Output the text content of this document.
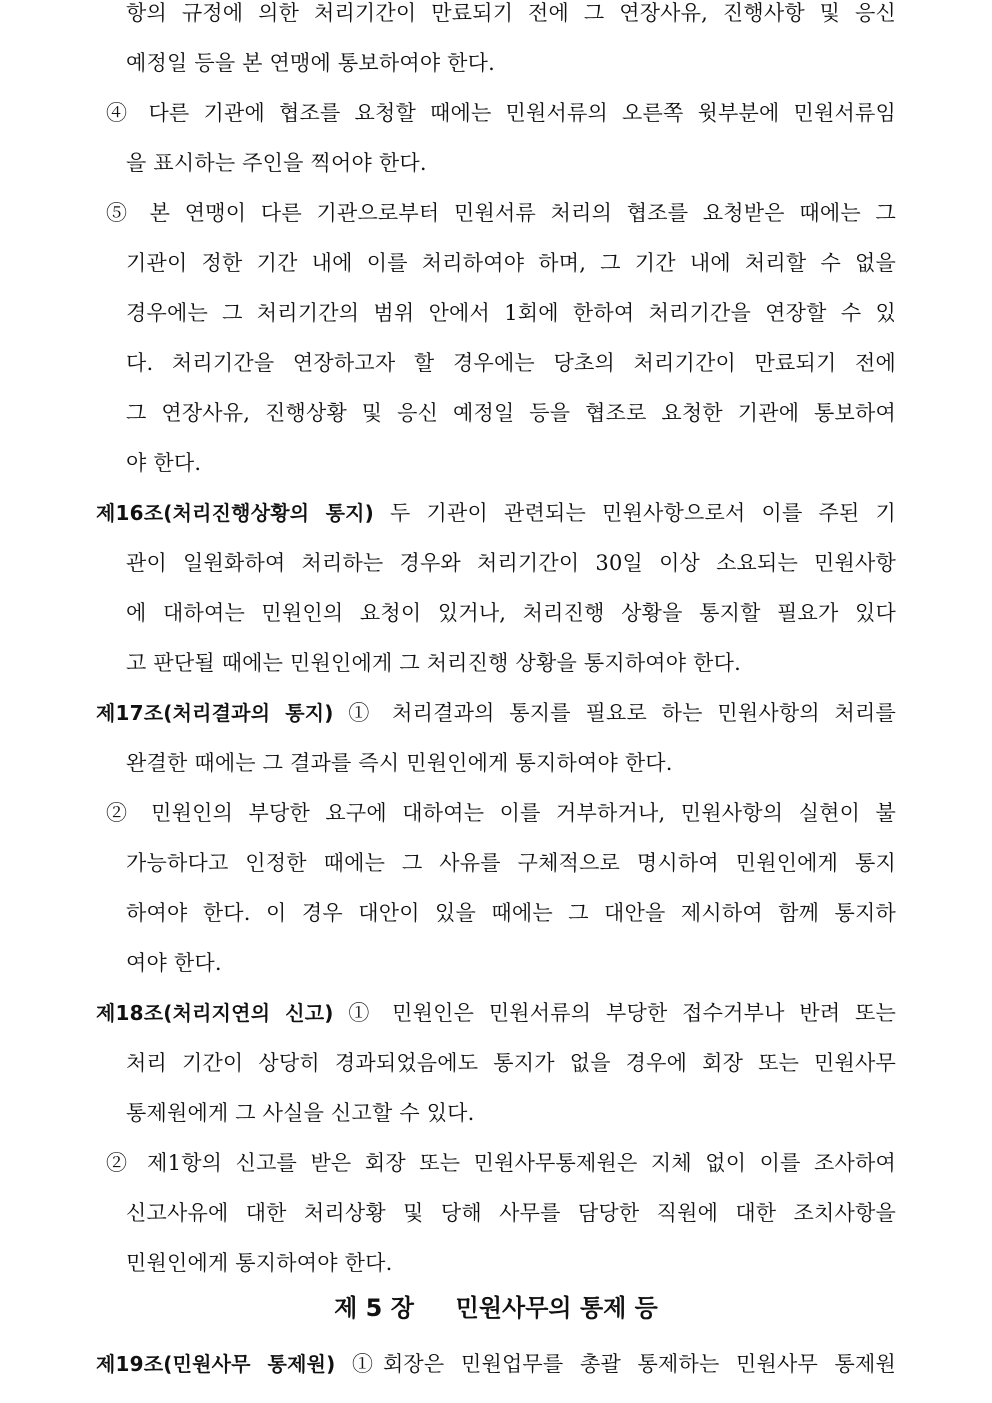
항의 규정에 의한 처리기간이 만료되기 전에 그 연장사유, 진행사항 및 응신
예정일 등을 본 연맹에 통보하여야 한다.
④ 다른 기관에 협조를 요청할 때에는 민원서류의 오른쪽 윗부분에 민원서류임
을 표시하는 주인을 찍어야 한다.
⑤ 본 연맹이 다른 기관으로부터 민원서류 처리의 협조를 요청받은 때에는 그
기관이 정한 기간 내에 이를 처리하여야 하며, 그 기간 내에 처리할 수 없을
경우에는 그 처리기간의 범위 안에서 1회에 한하여 처리기간을 연장할 수 있
다. 처리기간을 연장하고자 할 경우에는 당초의 처리기간이 만료되기 전에
그 연장사유, 진행상황 및 응신 예정일 등을 협조로 요청한 기관에 통보하여
야 한다.
제16조(처리진행상황의 통지) 두 기관이 관련되는 민원사항으로서 이를 주된 기
관이 일원화하여 처리하는 경우와 처리기간이 30일 이상 소요되는 민원사항
에 대하여는 민원인의 요청이 있거나, 처리진행 상황을 통지할 필요가 있다
고 판단될 때에는 민원인에게 그 처리진행 상황을 통지하여야 한다.
제17조(처리결과의 통지) ① 처리결과의 통지를 필요로 하는 민원사항의 처리를
완결한 때에는 그 결과를 즉시 민원인에게 통지하여야 한다.
② 민원인의 부당한 요구에 대하여는 이를 거부하거나, 민원사항의 실현이 불
가능하다고 인정한 때에는 그 사유를 구체적으로 명시하여 민원인에게 통지
하여야 한다. 이 경우 대안이 있을 때에는 그 대안을 제시하여 함께 통지하
여야 한다.
제18조(처리지연의 신고) ① 민원인은 민원서류의 부당한 접수거부나 반려 또는
처리 기간이 상당히 경과되었음에도 통지가 없을 경우에 회장 또는 민원사무
통제원에게 그 사실을 신고할 수 있다.
② 제1항의 신고를 받은 회장 또는 민원사무통제원은 지체 없이 이를 조사하여
신고사유에 대한 처리상황 및 당해 사무를 담당한 직원에 대한 조치사항을
민원인에게 통지하여야 한다.
제 5 장     민원사무의 통제 등
제19조(민원사무 통제원) ①회장은 민원업무를 총괄 통제하는 민원사무 통제원
